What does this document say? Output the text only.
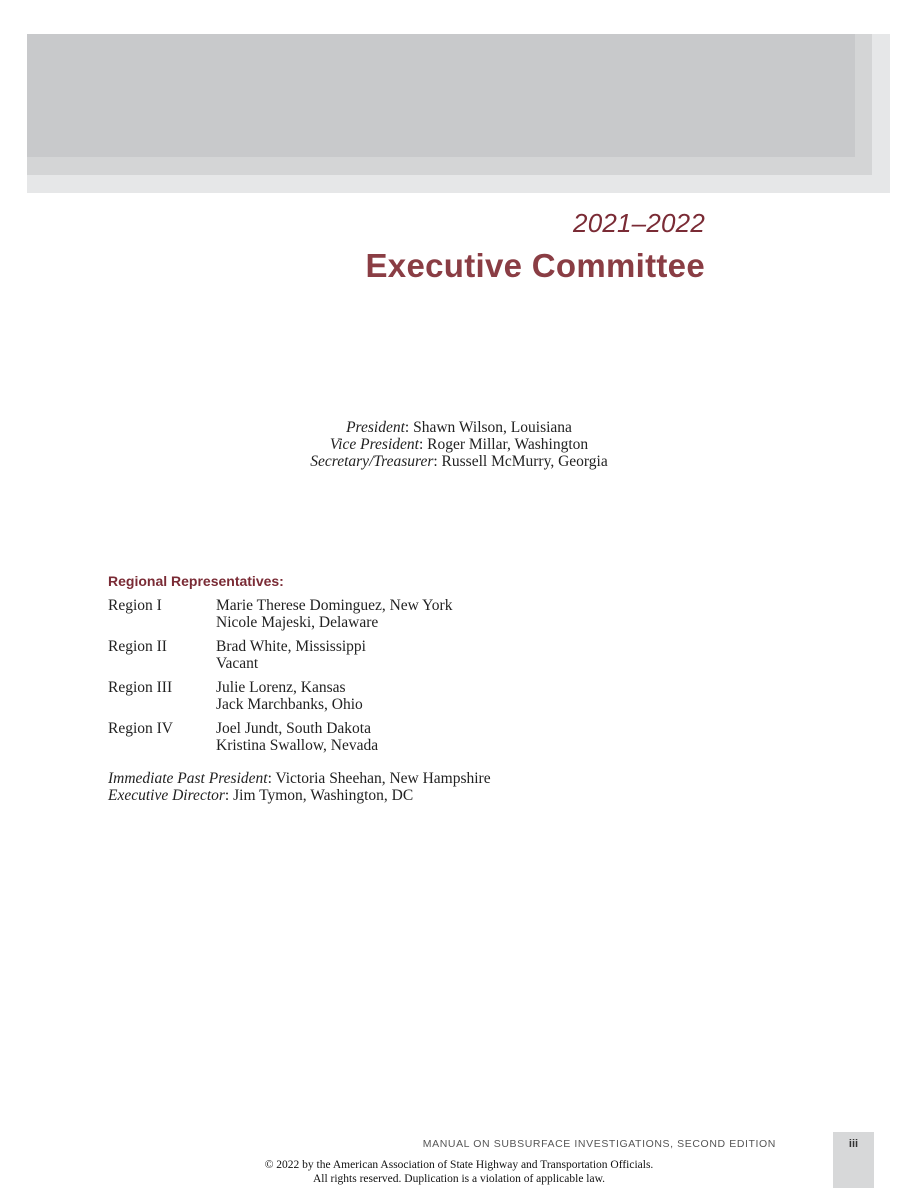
2021–2022
Executive Committee
President: Shawn Wilson, Louisiana
Vice President: Roger Millar, Washington
Secretary/Treasurer: Russell McMurry, Georgia
Regional Representatives:
Region I	Marie Therese Dominguez, New York
Nicole Majeski, Delaware
Region II	Brad White, Mississippi
Vacant
Region III	Julie Lorenz, Kansas
Jack Marchbanks, Ohio
Region IV	Joel Jundt, South Dakota
Kristina Swallow, Nevada
Immediate Past President: Victoria Sheehan, New Hampshire
Executive Director: Jim Tymon, Washington, DC
MANUAL ON SUBSURFACE INVESTIGATIONS, SECOND EDITION	iii
© 2022 by the American Association of State Highway and Transportation Officials.
All rights reserved. Duplication is a violation of applicable law.
